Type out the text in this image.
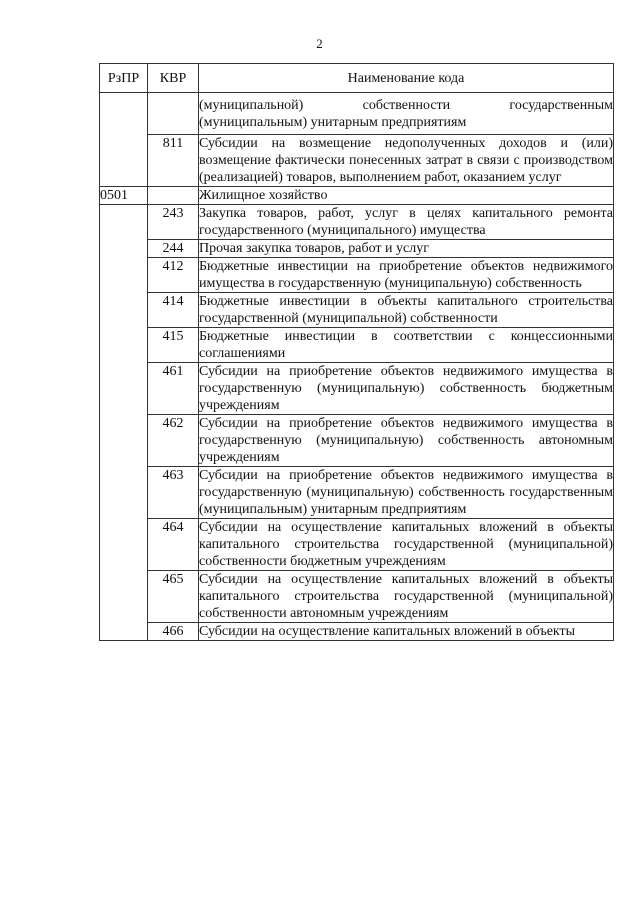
2
РзПР	КВР	Наименование кода
		(муниципальной) собственности государственным (муниципальным) унитарным предприятиям
	811	Субсидии на возмещение недополученных доходов и (или) возмещение фактически понесенных затрат в связи с производством (реализацией) товаров, выполнением работ, оказанием услуг
0501		Жилищное хозяйство
	243	Закупка товаров, работ, услуг в целях капитального ремонта государственного (муниципального) имущества
	244	Прочая закупка товаров, работ и услуг
	412	Бюджетные инвестиции на приобретение объектов недвижимого имущества в государственную (муниципальную) собственность
	414	Бюджетные инвестиции в объекты капитального строительства государственной (муниципальной) собственности
	415	Бюджетные инвестиции в соответствии с концессионными соглашениями
	461	Субсидии на приобретение объектов недвижимого имущества в государственную (муниципальную) собственность бюджетным учреждениям
	462	Субсидии на приобретение объектов недвижимого имущества в государственную (муниципальную) собственность автономным учреждениям
	463	Субсидии на приобретение объектов недвижимого имущества в государственную (муниципальную) собственность государственным (муниципальным) унитарным предприятиям
	464	Субсидии на осуществление капитальных вложений в объекты капитального строительства государственной (муниципальной) собственности бюджетным учреждениям
	465	Субсидии на осуществление капитальных вложений в объекты капитального строительства государственной (муниципальной) собственности автономным учреждениям
	466	Субсидии на осуществление капитальных вложений в объекты
